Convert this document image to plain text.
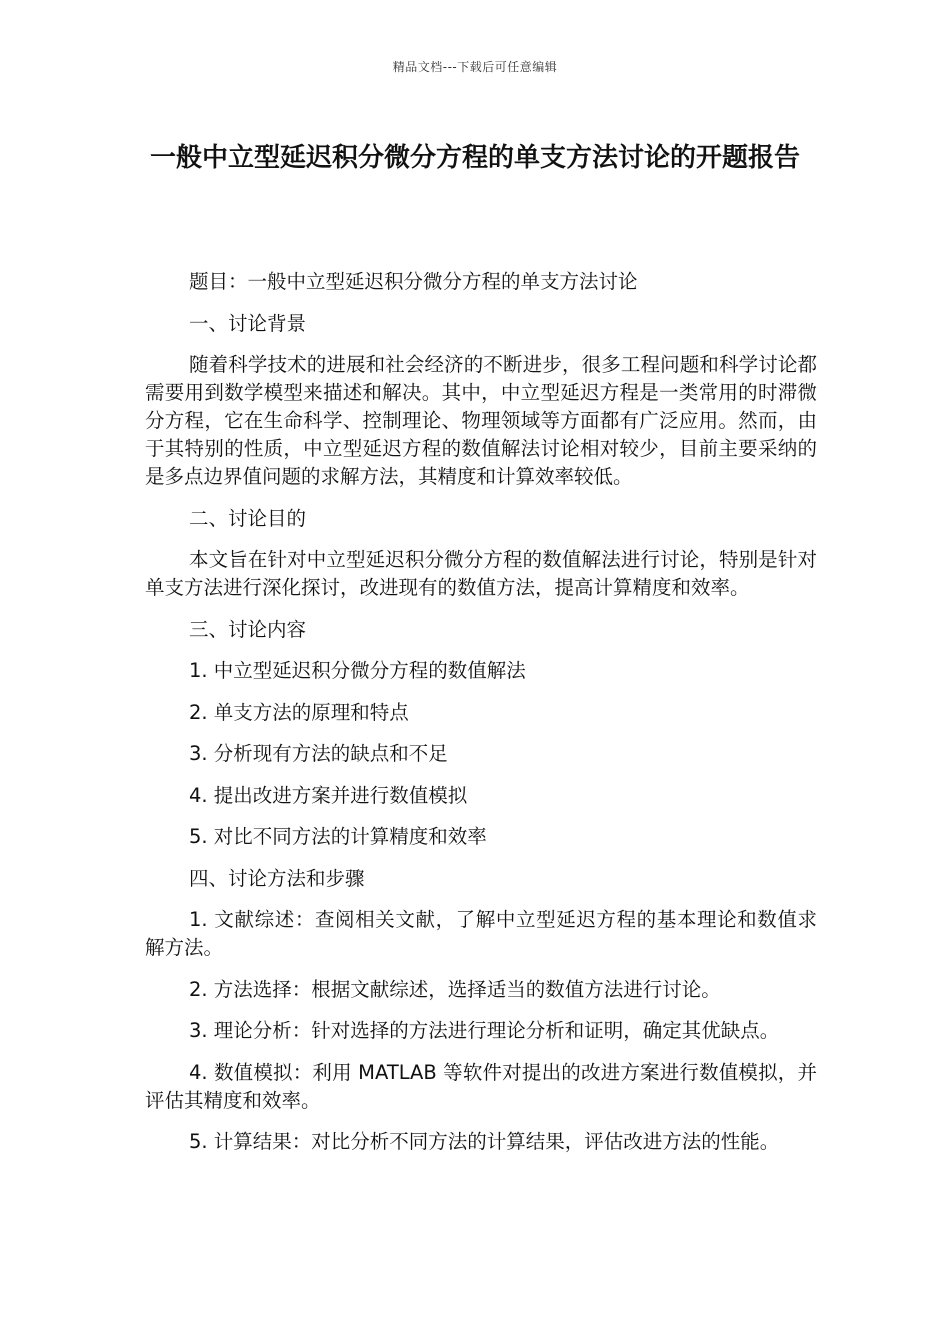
精品文档---下载后可任意编辑
一般中立型延迟积分微分方程的单支方法讨论的开题报告

题目：一般中立型延迟积分微分方程的单支方法讨论

一、讨论背景

随着科学技术的进展和社会经济的不断进步，很多工程问题和科学讨论都需要用到数学模型来描述和解决。其中，中立型延迟方程是一类常用的时滞微分方程，它在生命科学、控制理论、物理领域等方面都有广泛应用。然而，由于其特别的性质，中立型延迟方程的数值解法讨论相对较少，目前主要采纳的是多点边界值问题的求解方法，其精度和计算效率较低。

二、讨论目的

本文旨在针对中立型延迟积分微分方程的数值解法进行讨论，特别是针对单支方法进行深化探讨，改进现有的数值方法，提高计算精度和效率。

三、讨论内容

1. 中立型延迟积分微分方程的数值解法

2. 单支方法的原理和特点

3. 分析现有方法的缺点和不足

4. 提出改进方案并进行数值模拟

5. 对比不同方法的计算精度和效率

四、讨论方法和步骤

1. 文献综述：查阅相关文献，了解中立型延迟方程的基本理论和数值求解方法。

2. 方法选择：根据文献综述，选择适当的数值方法进行讨论。

3. 理论分析：针对选择的方法进行理论分析和证明，确定其优缺点。

4. 数值模拟：利用 MATLAB 等软件对提出的改进方案进行数值模拟，并评估其精度和效率。

5. 计算结果：对比分析不同方法的计算结果，评估改进方法的性能。
